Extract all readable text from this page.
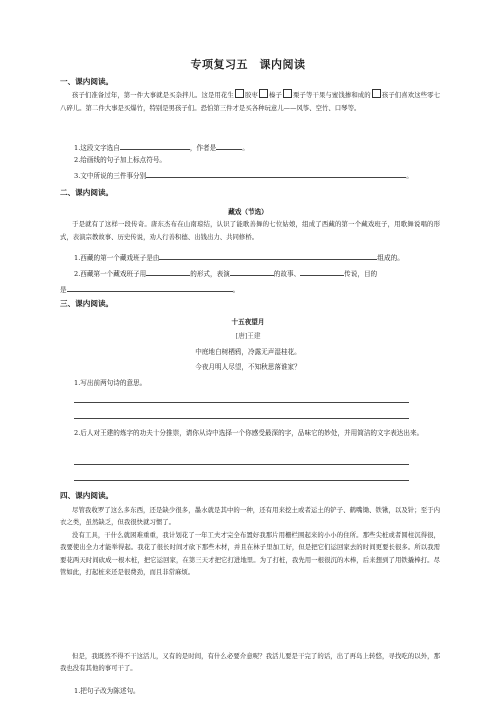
专项复习五　课内阅读
一、课内阅读。
孩子们准备过年，第一件大事就是买杂拌儿。这是用花生 胶枣 榛子 栗子等干果与蜜饯掺和成的 孩子们喜欢这些零七八碎儿。第二件大事是买爆竹，特别是男孩子们。恐怕第三件才是买各种玩意儿——风筝、空竹、口琴等。
1.这段文字选自	，作者是	。
2.给画线的句子加上标点符号。
3.文中所说的三件事分别	。
二、课内阅读。
藏戏（节选）
于是就有了这样一段传奇。唐东杰布在山南琼结，认识了能歌善舞的七位姑娘，组成了西藏的第一个藏戏班子，用歌舞说唱的形式，表演宗教故事、历史传说，劝人行善积德、出钱出力、共同修桥。
1.西藏的第一个藏戏班子是由	组成的。
2.西藏第一个藏戏班子用	的形式，表演	的故事、	传说，目的
是	。
三、课内阅读。
十五夜望月
[唐]王建
中庭地白树栖鸦，冷露无声湿桂花。
今夜月明人尽望，不知秋思落谁家？
1.写出前两句诗的意思。
2.后人对王建的炼字的功夫十分推崇，请你从诗中选择一个你感受最深的字，品味它的妙处，并用简洁的文字表达出来。
四、课内阅读。
尽管我收罗了这么多东西，还是缺少很多，墨水就是其中的一种，还有用来挖土或者运土的铲子、鹤嘴锄、铁锹，以及针；至于内衣之类，虽然缺乏，但我很快就习惯了。
没有工具，干什么就困难重重，我计划花了一年工夫才完全布置好我那片用栅栏围起来的小小的住所。那些尖桩或者圆柱沉得很，我要使出全力才能举得起。我花了很长时间才砍下那些木材，并且在林子里加工好，但是把它们运回家去的时间更要长很多。所以我需要花两天时间砍成一根木桩，把它运回家，在第三天才把它打进地里。为了打桩，我先用一根很沉的木棒，后来想到了用铁撬棒打。尽管如此，打起桩来还是很费劲，而且非常麻烦。
但是，我既然不得不干这活儿，又有的是时间，有什么必要介意呢？我活儿要是干完了的话，出了再岛上转悠，寻找吃的以外，那我也没有其他的事可干了。
1.把句子改为陈述句。
